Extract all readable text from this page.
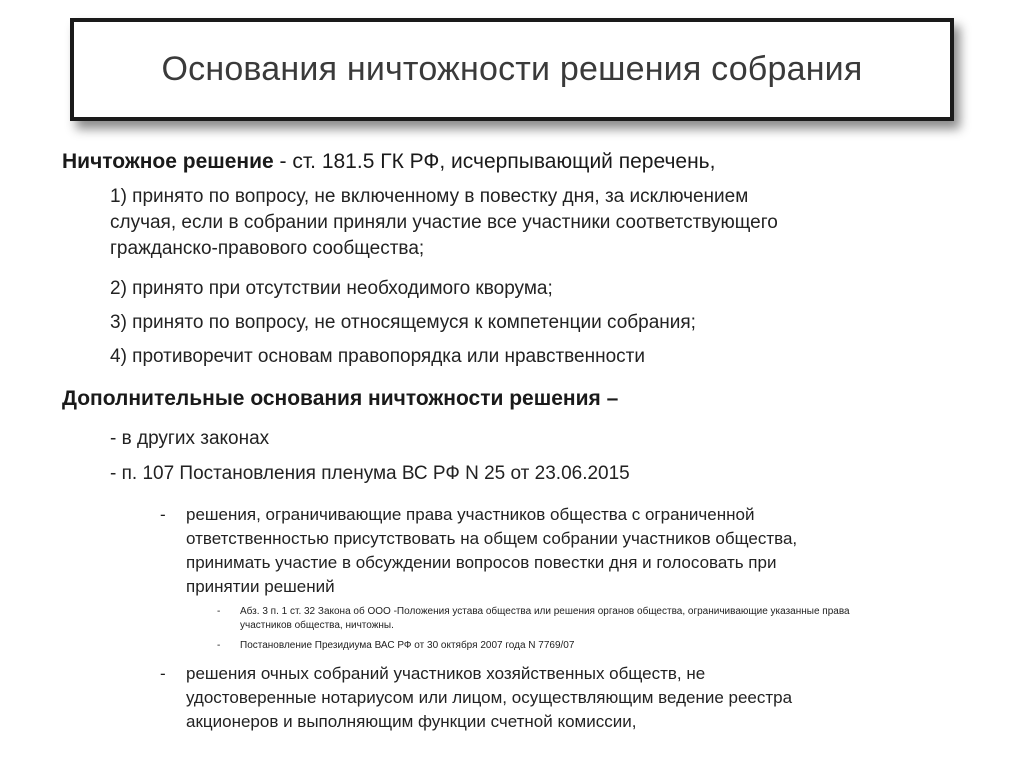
Основания ничтожности решения собрания
Ничтожное решение - ст. 181.5 ГК РФ, исчерпывающий перечень,
1) принято по вопросу, не включенному в повестку дня, за исключением
случая, если в собрании приняли участие все участники соответствующего
гражданско-правового сообщества;
2) принято при отсутствии необходимого кворума;
3) принято по вопросу, не относящемуся к компетенции собрания;
4) противоречит основам правопорядка или нравственности
Дополнительные основания ничтожности решения –
- в других законах
- п. 107 Постановления пленума ВС РФ N 25 от 23.06.2015
- решения, ограничивающие права участников общества с ограниченной
ответственностью присутствовать на общем собрании участников общества,
принимать участие в обсуждении вопросов повестки дня и голосовать при
принятии решений
- Абз. 3 п. 1 ст. 32 Закона об ООО -Положения устава общества или решения органов общества, ограничивающие указанные права
участников общества, ничтожны.
- Постановление Президиума ВАС РФ от 30 октября 2007 года N 7769/07
- решения очных собраний участников хозяйственных обществ, не
удостоверенные нотариусом или лицом, осуществляющим ведение реестра
акционеров и выполняющим функции счетной комиссии,
